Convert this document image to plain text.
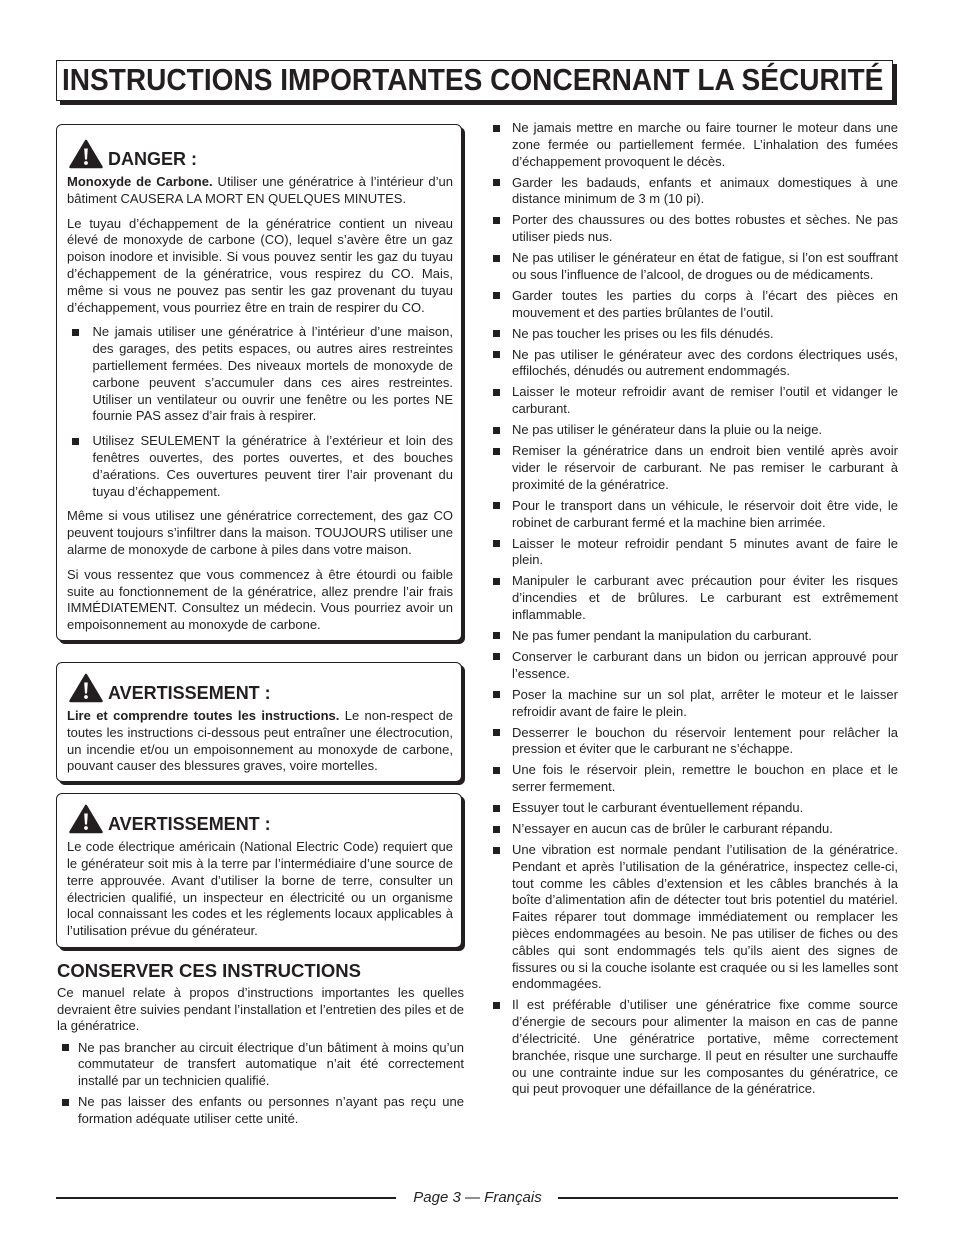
INSTRUCTIONS IMPORTANTES CONCERNANT LA SÉCURITÉ
DANGER :

Monoxyde de Carbone. Utiliser une génératrice à l’intérieur d’un bâtiment CAUSERA LA MORT EN QUELQUES MINUTES.

Le tuyau d’échappement de la génératrice contient un niveau élevé de monoxyde de carbone (CO), lequel s’avère être un gaz poison inodore et invisible. Si vous pouvez sentir les gaz du tuyau d’échappement de la génératrice, vous respirez du CO. Mais, même si vous ne pouvez pas sentir les gaz provenant du tuyau d’échappement, vous pourriez être en train de respirer du CO.

Ne jamais utiliser une génératrice à l’intérieur d’une maison, des garages, des petits espaces, ou autres aires restreintes partiellement fermées. Des niveaux mortels de monoxyde de carbone peuvent s’accumuler dans ces aires restreintes. Utiliser un ventilateur ou ouvrir une fenêtre ou les portes NE fournie PAS assez d’air frais à respirer.
Utilisez SEULEMENT la génératrice à l’extérieur et loin des fenêtres ouvertes, des portes ouvertes, et des bouches d’aérations. Ces ouvertures peuvent tirer l’air provenant du tuyau d’échappement.

Même si vous utilisez une génératrice correctement, des gaz CO peuvent toujours s’infiltrer dans la maison. TOUJOURS utiliser une alarme de monoxyde de carbone à piles dans votre maison.

Si vous ressentez que vous commencez à être étourdi ou faible suite au fonctionnement de la génératrice, allez prendre l’air frais IMMÉDIATEMENT. Consultez un médecin. Vous pourriez avoir un empoisonnement au monoxyde de carbone.

AVERTISSEMENT :

Lire et comprendre toutes les instructions. Le non-respect de toutes les instructions ci-dessous peut entraîner une électrocution, un incendie et/ou un empoisonnement au monoxyde de carbone, pouvant causer des blessures graves, voire mortelles.

AVERTISSEMENT :

Le code électrique américain (National Electric Code) requiert que le générateur soit mis à la terre par l’intermédiaire d’une source de terre approuvée. Avant d’utiliser la borne de terre, consulter un électricien qualifié, un inspecteur en électricité ou un organisme local connaissant les codes et les réglements locaux applicables à l’utilisation prévue du générateur.

CONSERVER CES INSTRUCTIONS

Ce manuel relate à propos d’instructions importantes les quelles devraient être suivies pendant l’installation et l’entretien des piles et de la génératrice.

Ne pas brancher au circuit électrique d’un bâtiment à moins qu’un commutateur de transfert automatique n’ait été correctement installé par un technicien qualifié.
Ne pas laisser des enfants ou personnes n’ayant pas reçu une formation adéquate utiliser cette unité.
Ne jamais mettre en marche ou faire tourner le moteur dans une zone fermée ou partiellement fermée. L’inhalation des fumées d’échappement provoquent le décès.
Garder les badauds, enfants et animaux domestiques à une distance minimum de 3 m (10 pi).
Porter des chaussures ou des bottes robustes et sèches. Ne pas utiliser pieds nus.
Ne pas utiliser le générateur en état de fatigue, si l’on est souffrant ou sous l’influence de l’alcool, de drogues ou de médicaments.
Garder toutes les parties du corps à l’écart des pièces en mouvement et des parties brûlantes de l’outil.
Ne pas toucher les prises ou les fils dénudés.
Ne pas utiliser le générateur avec des cordons électriques usés, effilochés, dénudés ou autrement endommagés.
Laisser le moteur refroidir avant de remiser l’outil et vidanger le carburant.
Ne pas utiliser le générateur dans la pluie ou la neige.
Remiser la génératrice dans un endroit bien ventilé après avoir vider le réservoir de carburant. Ne pas remiser le carburant à proximité de la génératrice.
Pour le transport dans un véhicule, le réservoir doit être vide, le robinet de carburant fermé et la machine bien arrimée.
Laisser le moteur refroidir pendant 5 minutes avant de faire le plein.
Manipuler le carburant avec précaution pour éviter les risques d’incendies et de brûlures. Le carburant est extrêmement inflammable.
Ne pas fumer pendant la manipulation du carburant.
Conserver le carburant dans un bidon ou jerrican approuvé pour l’essence.
Poser la machine sur un sol plat, arrêter le moteur et le laisser refroidir avant de faire le plein.
Desserrer le bouchon du réservoir lentement pour relâcher la pression et éviter que le carburant ne s’échappe.
Une fois le réservoir plein, remettre le bouchon en place et le serrer fermement.
Essuyer tout le carburant éventuellement répandu.
N’essayer en aucun cas de brûler le carburant répandu.
Une vibration est normale pendant l’utilisation de la génératrice. Pendant et après l’utilisation de la génératrice, inspectez celle-ci, tout comme les câbles d’extension et les câbles branchés à la boîte d’alimentation afin de détecter tout bris potentiel du matériel. Faites réparer tout dommage immédiatement ou remplacer les pièces endommagées au besoin. Ne pas utiliser de fiches ou des câbles qui sont endommagés tels qu’ils aient des signes de fissures ou si la couche isolante est craquée ou si les lamelles sont endommagées.
Il est préférable d’utiliser une génératrice fixe comme source d’énergie de secours pour alimenter la maison en cas de panne d’électricité. Une génératrice portative, même correctement branchée, risque une surcharge. Il peut en résulter une surchauffe ou une contrainte indue sur les composantes du génératrice, ce qui peut provoquer une défaillance de la génératrice.
Page 3 — Français
